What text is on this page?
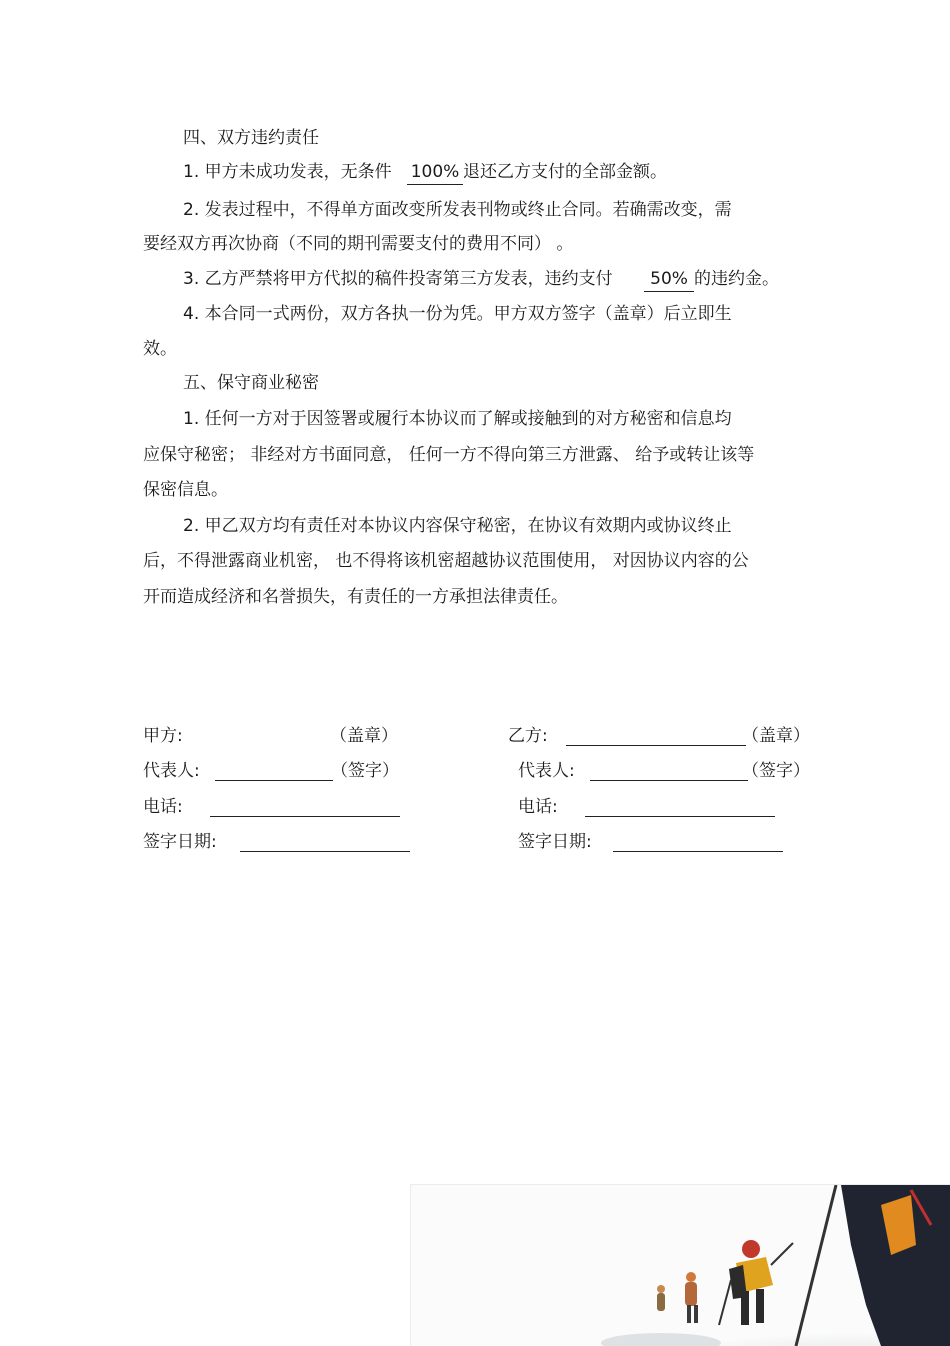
四、双方违约责任
1. 甲方未成功发表，无条件 100% 退还乙方支付的全部金额。
2. 发表过程中，不得单方面改变所发表刊物或终止合同。若确需改变，需
要经双方再次协商（不同的期刊需要支付的费用不同） 。
3. 乙方严禁将甲方代拟的稿件投寄第三方发表，违约支付 50% 的违约金。
4. 本合同一式两份，双方各执一份为凭。甲方双方签字（盖章）后立即生
效。
五、保守商业秘密
1. 任何一方对于因签署或履行本协议而了解或接触到的对方秘密和信息均
应保守秘密； 非经对方书面同意， 任何一方不得向第三方泄露、 给予或转让该等
保密信息。
2. 甲乙双方均有责任对本协议内容保守秘密，在协议有效期内或协议终止
后，不得泄露商业机密， 也不得将该机密超越协议范围使用， 对因协议内容的公
开而造成经济和名誉损失，有责任的一方承担法律责任。
甲方:	（盖章）
代表人:	（签字）
电话:
签字日期:
乙方:	（盖章）
代表人:	（签字）
电话:
签字日期:
